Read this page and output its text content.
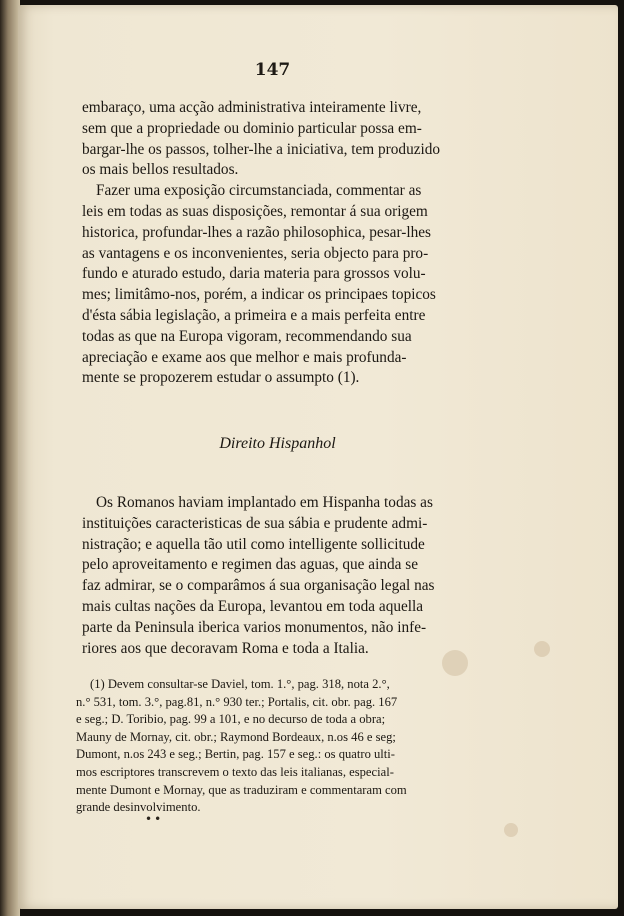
147
embaraço, uma acção administrativa inteiramente livre,
sem que a propriedade ou dominio particular possa em-
bargar-lhe os passos, tolher-lhe a iniciativa, tem produzido
os mais bellos resultados.
Fazer uma exposição circumstanciada, commentar as
leis em todas as suas disposições, remontar á sua origem
historica, profundar-lhes a razão philosophica, pesar-lhes
as vantagens e os inconvenientes, seria objecto para pro-
fundo e aturado estudo, daria materia para grossos volu-
mes; limitâmo-nos, porém, a indicar os principaes topicos
d'ésta sábia legislação, a primeira e a mais perfeita entre
todas as que na Europa vigoram, recommendando sua
apreciação e exame aos que melhor e mais profunda-
mente se propozerem estudar o assumpto (1).
Direito Hispanhol
Os Romanos haviam implantado em Hispanha todas as
instituições caracteristicas de sua sábia e prudente admi-
nistração; e aquella tão util como intelligente sollicitude
pelo aproveitamento e regimen das aguas, que ainda se
faz admirar, se o comparâmos á sua organisação legal nas
mais cultas nações da Europa, levantou em toda aquella
parte da Peninsula iberica varios monumentos, não infe-
riores aos que decoravam Roma e toda a Italia.
(1) Devem consultar-se Daviel, tom. 1.°, pag. 318, nota 2.°,
n.° 531, tom. 3.°, pag.81, n.° 930 ter.; Portalis, cit. obr. pag. 167
e seg.; D. Toribio, pag. 99 a 101, e no decurso de toda a obra;
Mauny de Mornay, cit. obr.; Raymond Bordeaux, n.os 46 e seg;
Dumont, n.os 243 e seg.; Bertin, pag. 157 e seg.: os quatro ulti-
mos escriptores transcrevem o texto das leis italianas, especial-
mente Dumont e Mornay, que as traduziram e commentaram com
grande desinvolvimento.
••
